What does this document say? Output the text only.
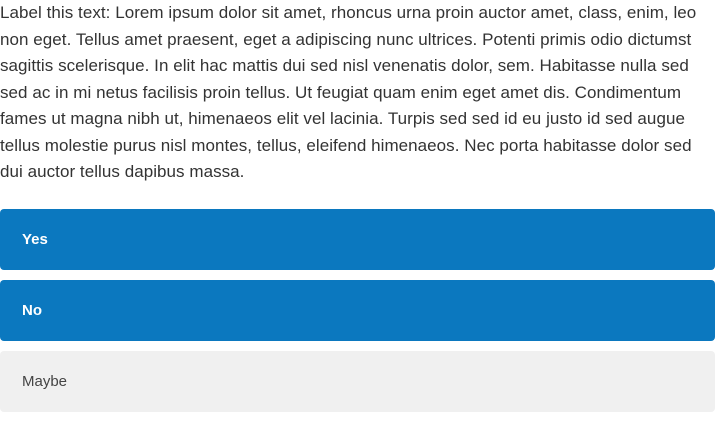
Label this text: Lorem ipsum dolor sit amet, rhoncus urna proin auctor amet, class, enim, leo non eget. Tellus amet praesent, eget a adipiscing nunc ultrices. Potenti primis odio dictumst sagittis scelerisque. In elit hac mattis dui sed nisl venenatis dolor, sem. Habitasse nulla sed sed ac in mi netus facilisis proin tellus. Ut feugiat quam enim eget amet dis. Condimentum fames ut magna nibh ut, himenaeos elit vel lacinia. Turpis sed sed id eu justo id sed augue tellus molestie purus nisl montes, tellus, eleifend himenaeos. Nec porta habitasse dolor sed dui auctor tellus dapibus massa.

Yes
No
Maybe
